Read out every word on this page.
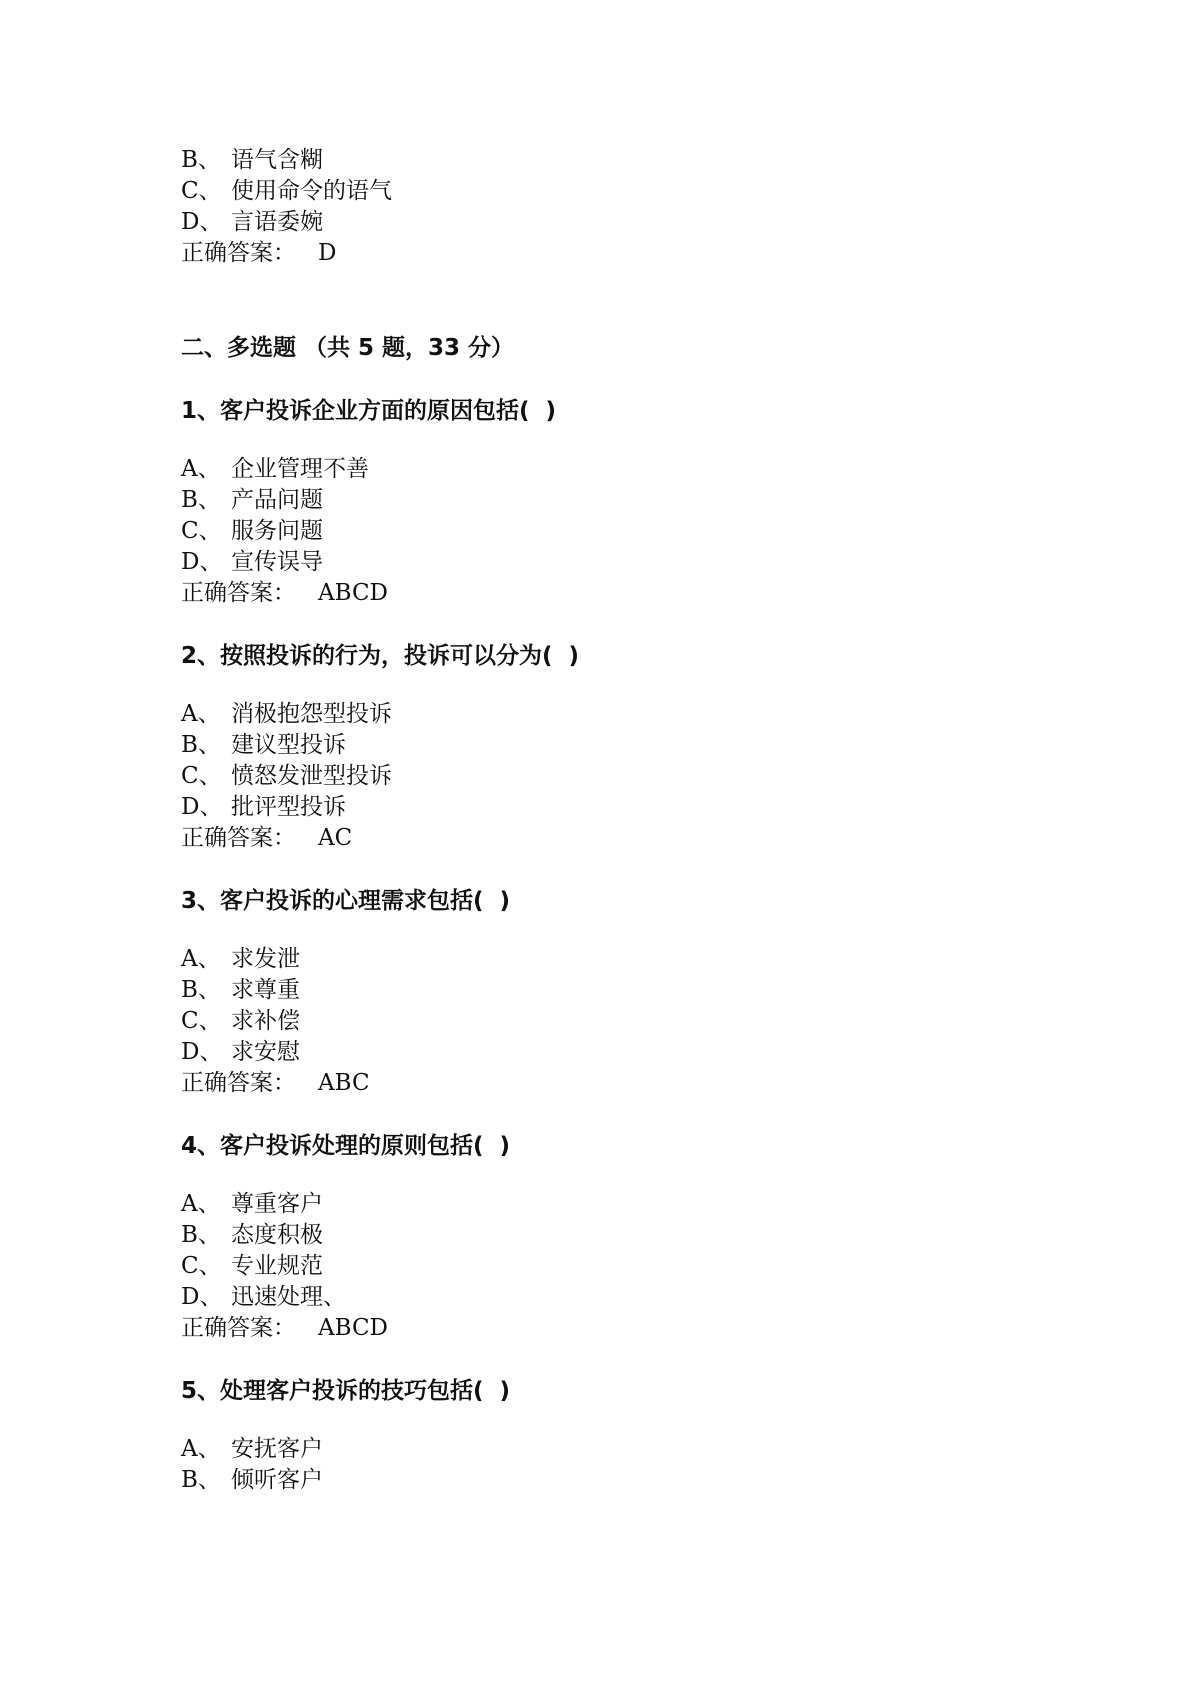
B、 语气含糊
C、 使用命令的语气
D、 言语委婉
正确答案： D
二、多选题 （共 5 题，33 分）
1、客户投诉企业方面的原因包括(  )
A、 企业管理不善
B、 产品问题
C、 服务问题
D、 宣传误导
正确答案： ABCD
2、按照投诉的行为，投诉可以分为(  )
A、 消极抱怨型投诉
B、 建议型投诉
C、 愤怒发泄型投诉
D、 批评型投诉
正确答案： AC
3、客户投诉的心理需求包括(  )
A、 求发泄
B、 求尊重
C、 求补偿
D、 求安慰
正确答案： ABC
4、客户投诉处理的原则包括(  )
A、 尊重客户
B、 态度积极
C、 专业规范
D、 迅速处理、
正确答案： ABCD
5、处理客户投诉的技巧包括(  )
A、 安抚客户
B、 倾听客户
